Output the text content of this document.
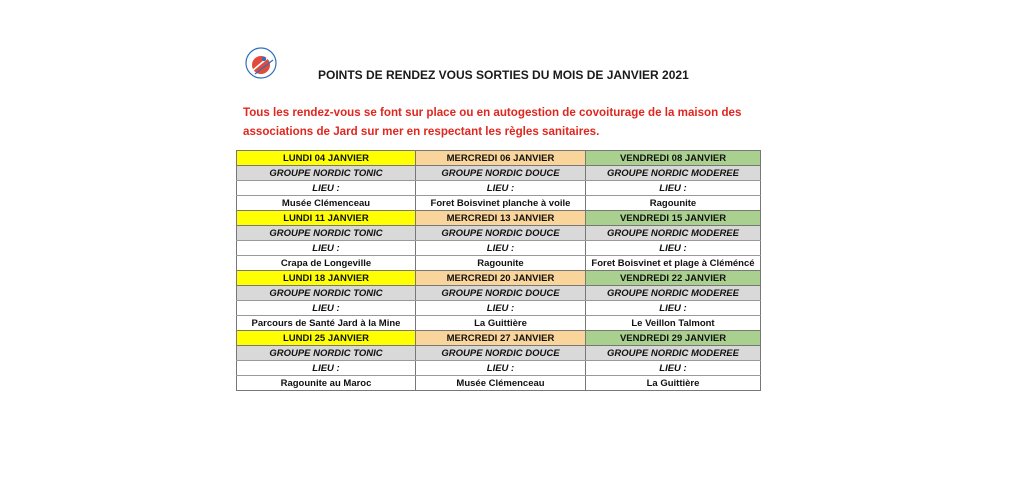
POINTS DE RENDEZ VOUS SORTIES DU MOIS DE JANVIER 2021
Tous les rendez-vous se font sur place ou en autogestion de covoiturage de la maison des associations de Jard sur mer en respectant les règles sanitaires.
LUNDI 04 JANVIER	MERCREDI 06 JANVIER	VENDREDI 08 JANVIER
GROUPE NORDIC TONIC	GROUPE NORDIC DOUCE	GROUPE NORDIC MODEREE
LIEU :	LIEU :	LIEU :
Musée Clémenceau	Foret Boisvinet planche à voile	Ragounite
LUNDI 11 JANVIER	MERCREDI 13 JANVIER	VENDREDI 15 JANVIER
GROUPE NORDIC TONIC	GROUPE NORDIC DOUCE	GROUPE NORDIC MODEREE
LIEU :	LIEU :	LIEU :
Crapa de Longeville	Ragounite	Foret Boisvinet et plage à Cléméncé
LUNDI 18 JANVIER	MERCREDI 20 JANVIER	VENDREDI 22 JANVIER
GROUPE NORDIC TONIC	GROUPE NORDIC DOUCE	GROUPE NORDIC MODEREE
LIEU :	LIEU :	LIEU :
Parcours de Santé Jard à la Mine	La Guittière	Le Veillon Talmont
LUNDI 25 JANVIER	MERCREDI 27 JANVIER	VENDREDI 29 JANVIER
GROUPE NORDIC TONIC	GROUPE NORDIC DOUCE	GROUPE NORDIC MODEREE
LIEU :	LIEU :	LIEU :
Ragounite au Maroc	Musée Clémenceau	La Guittière
